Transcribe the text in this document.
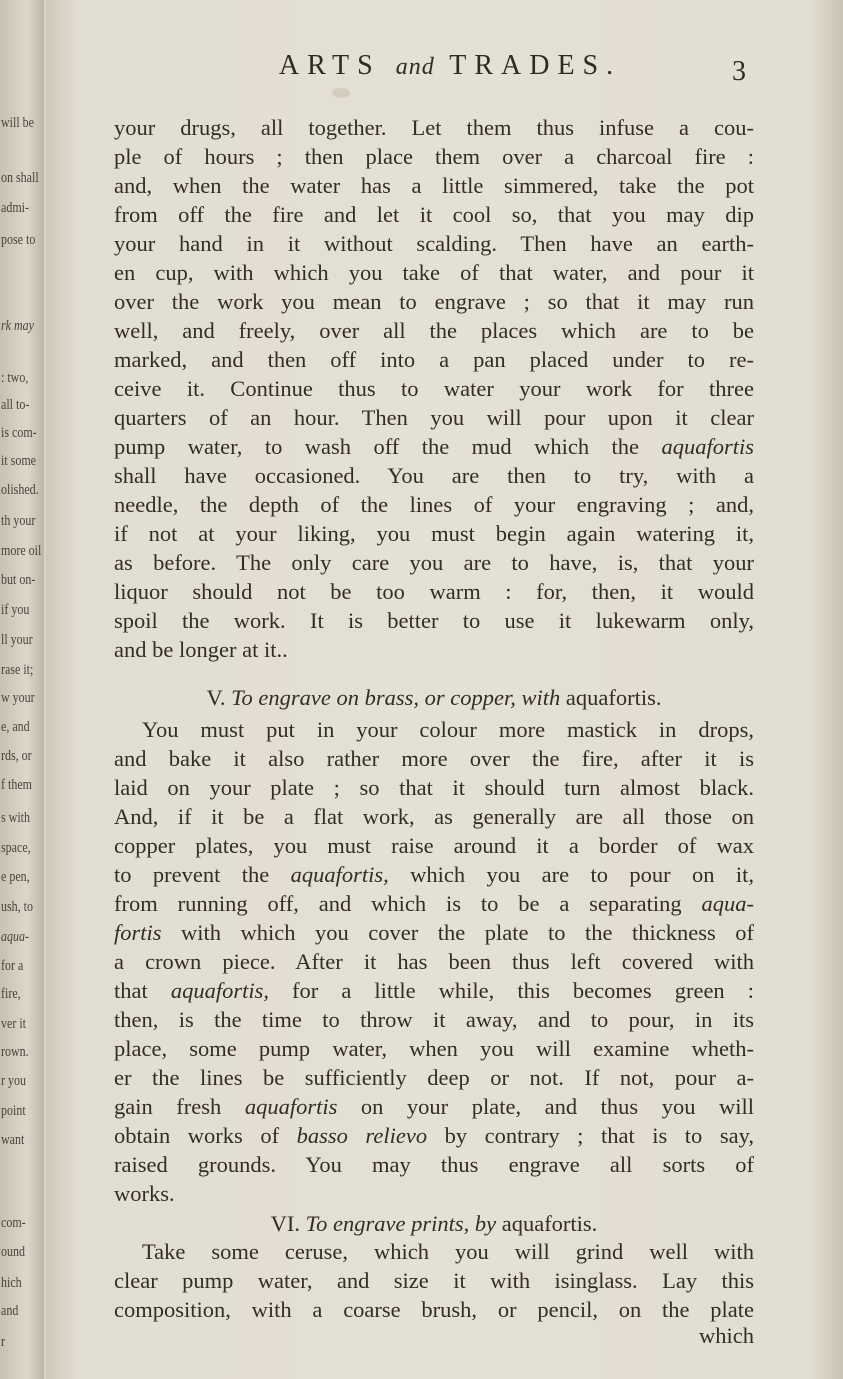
will be
on shall
admi-
pose to
rk may
: two,
all to-
is com-
it some
olished.
th your
more oil
but on-
if you
ll your
rase it;
w your
e, and
rds, or
f them
s with
space,
e pen,
ush, to
aqua-
for a
fire,
ver it
rown.
r you
point
want
com-
ound
hich
and
r
ARTS and TRADES.	3
your drugs, all together. Let them thus infuse a cou-
ple of hours ; then place them over a charcoal fire :
and, when the water has a little simmered, take the pot
from off the fire and let it cool so, that you may dip
your hand in it without scalding. Then have an earth-
en cup, with which you take of that water, and pour it
over the work you mean to engrave ; so that it may run
well, and freely, over all the places which are to be
marked, and then off into a pan placed under to re-
ceive it. Continue thus to water your work for three
quarters of an hour. Then you will pour upon it clear
pump water, to wash off the mud which the aquafortis
shall have occasioned. You are then to try, with a
needle, the depth of the lines of your engraving ; and,
if not at your liking, you must begin again watering it,
as before. The only care you are to have, is, that your
liquor should not be too warm : for, then, it would
spoil the work. It is better to use it lukewarm only,
and be longer at it..
V. To engrave on brass, or copper, with aquafortis.
You must put in your colour more mastick in drops,
and bake it also rather more over the fire, after it is
laid on your plate ; so that it should turn almost black.
And, if it be a flat work, as generally are all those on
copper plates, you must raise around it a border of wax
to prevent the aquafortis, which you are to pour on it,
from running off, and which is to be a separating aqua-
fortis with which you cover the plate to the thickness of
a crown piece. After it has been thus left covered with
that aquafortis, for a little while, this becomes green :
then, is the time to throw it away, and to pour, in its
place, some pump water, when you will examine wheth-
er the lines be sufficiently deep or not. If not, pour a-
gain fresh aquafortis on your plate, and thus you will
obtain works of basso relievo by contrary ; that is to say,
raised grounds. You may thus engrave all sorts of
works.
VI. To engrave prints, by aquafortis.
Take some ceruse, which you will grind well with
clear pump water, and size it with isinglass. Lay this
composition, with a coarse brush, or pencil, on the plate
which
